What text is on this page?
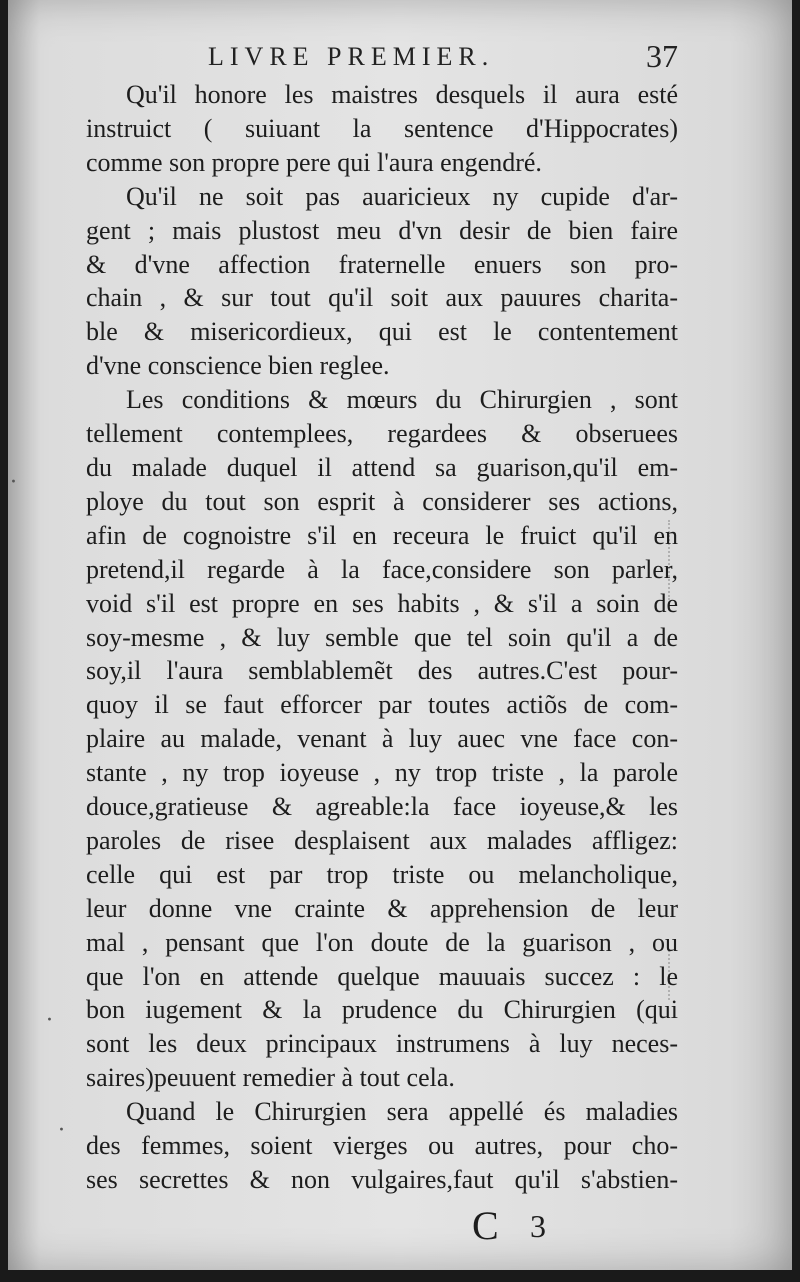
LIVRE PREMIER.	37
Qu'il honore les maistres desquels il aura esté
instruict ( suiuant la sentence d'Hippocrates)
comme son propre pere qui l'aura engendré.
Qu'il ne soit pas auaricieux ny cupide d'ar-
gent ; mais plustost meu d'vn desir de bien faire
& d'vne affection fraternelle enuers son pro-
chain , & sur tout qu'il soit aux pauures charita-
ble & misericordieux, qui est le contentement
d'vne conscience bien reglee.
Les conditions & mœurs du Chirurgien , sont
tellement contemplees, regardees & obseruees
du malade duquel il attend sa guarison,qu'il em-
ploye du tout son esprit à considerer ses actions,
afin de cognoistre s'il en receura le fruict qu'il en
pretend,il regarde à la face,considere son parler,
void s'il est propre en ses habits , & s'il a soin de
soy-mesme , & luy semble que tel soin qu'il a de
soy,il l'aura semblablemẽt des autres.C'est pour-
quoy il se faut efforcer par toutes actiõs de com-
plaire au malade, venant à luy auec vne face con-
stante , ny trop ioyeuse , ny trop triste , la parole
douce,gratieuse & agreable:la face ioyeuse,& les
paroles de risee desplaisent aux malades affligez:
celle qui est par trop triste ou melancholique,
leur donne vne crainte & apprehension de leur
mal , pensant que l'on doute de la guarison , ou
que l'on en attende quelque mauuais succez : le
bon iugement & la prudence du Chirurgien (qui
sont les deux principaux instrumens à luy neces-
saires)peuuent remedier à tout cela.
Quand le Chirurgien sera appellé és maladies
des femmes, soient vierges ou autres, pour cho-
ses secrettes & non vulgaires,faut qu'il s'abstien-
·
·
·
C 3
